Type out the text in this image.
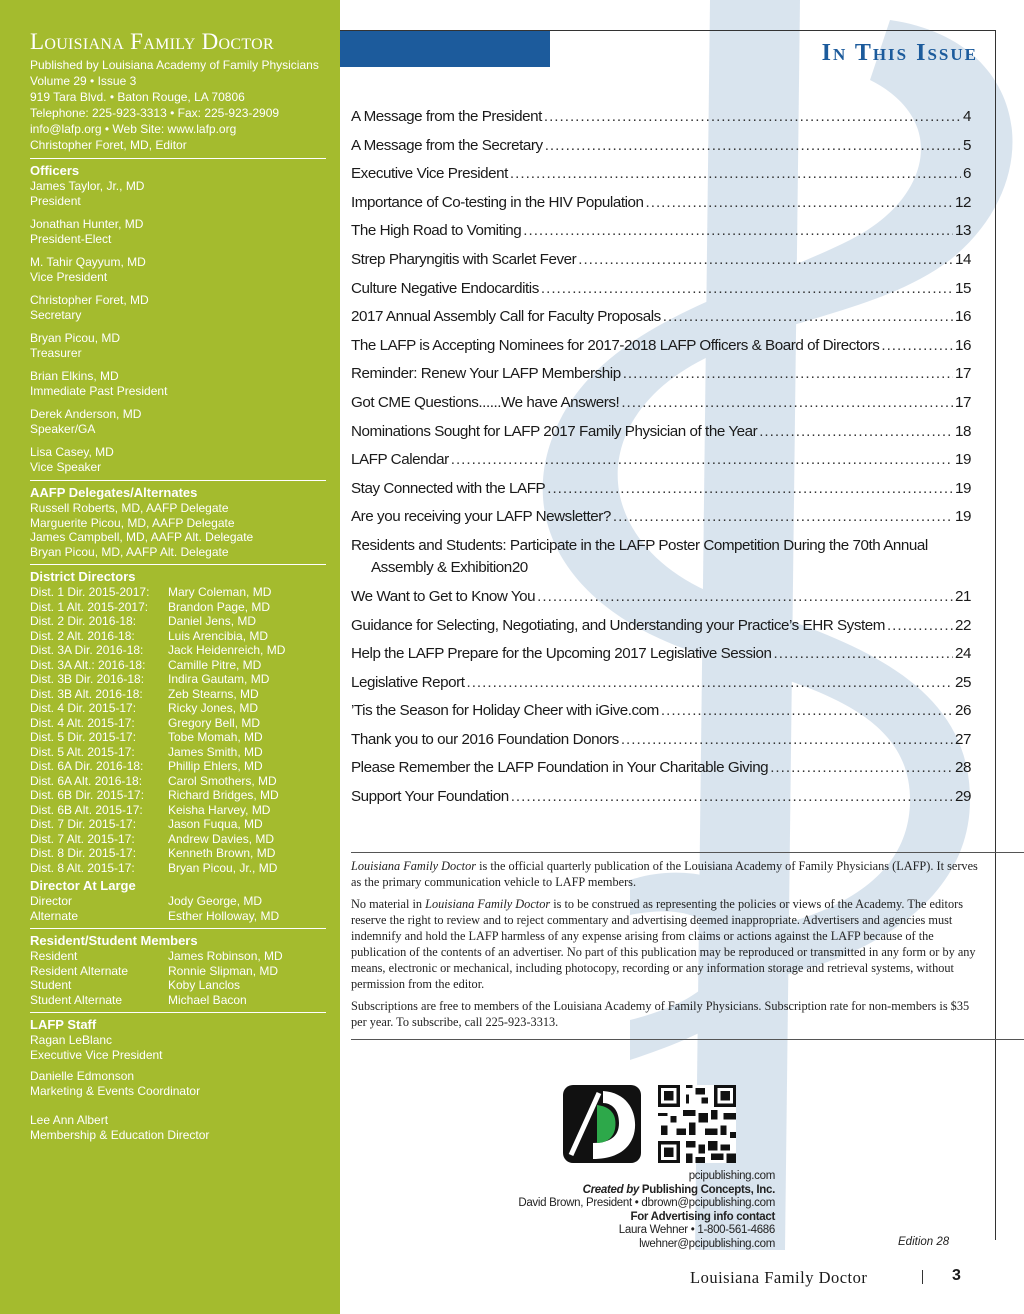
Louisiana Family Doctor
Published by Louisiana Academy of Family Physicians
Volume 29 • Issue 3
919 Tara Blvd. • Baton Rouge, LA 70806
Telephone: 225-923-3313 • Fax: 225-923-2909
info@lafp.org • Web Site: www.lafp.org
Christopher Foret, MD, Editor
Officers
James Taylor, Jr., MD
President
Jonathan Hunter, MD
President-Elect
M. Tahir Qayyum, MD
Vice President
Christopher Foret, MD
Secretary
Bryan Picou, MD
Treasurer
Brian Elkins, MD
Immediate Past President
Derek Anderson, MD
Speaker/GA
Lisa Casey, MD
Vice Speaker
AAFP Delegates/Alternates
Russell Roberts, MD, AAFP Delegate
Marguerite Picou, MD, AAFP Delegate
James Campbell, MD, AAFP Alt. Delegate
Bryan Picou, MD, AAFP Alt. Delegate
District Directors
Dist. 1 Dir. 2015-2017:	Mary Coleman, MD
Dist. 1 Alt. 2015-2017:	Brandon Page, MD
Dist. 2 Dir. 2016-18:	Daniel Jens, MD
Dist. 2 Alt. 2016-18:	Luis Arencibia, MD
Dist. 3A Dir. 2016-18:	Jack Heidenreich, MD
Dist. 3A Alt.: 2016-18:	Camille Pitre, MD
Dist. 3B Dir. 2016-18:	Indira Gautam, MD
Dist. 3B Alt. 2016-18:	Zeb Stearns, MD
Dist. 4 Dir. 2015-17:	Ricky Jones, MD
Dist. 4 Alt. 2015-17:	Gregory Bell, MD
Dist. 5 Dir. 2015-17:	Tobe Momah, MD
Dist. 5 Alt. 2015-17:	James Smith, MD
Dist. 6A Dir. 2016-18:	Phillip Ehlers, MD
Dist. 6A Alt. 2016-18:	Carol Smothers, MD
Dist. 6B Dir. 2015-17:	Richard Bridges, MD
Dist. 6B Alt. 2015-17:	Keisha Harvey, MD
Dist. 7 Dir. 2015-17:	Jason Fuqua, MD
Dist. 7 Alt. 2015-17:	Andrew Davies, MD
Dist. 8 Dir. 2015-17:	Kenneth Brown, MD
Dist. 8 Alt. 2015-17:	Bryan Picou, Jr., MD
Director At Large
Director	Jody George, MD
Alternate	Esther Holloway, MD
Resident/Student Members
Resident	James Robinson, MD
Resident Alternate	Ronnie Slipman, MD
Student	Koby Lanclos
Student Alternate	Michael Bacon
LAFP Staff
Ragan LeBlanc
Executive Vice President
Danielle Edmonson
Marketing & Events Coordinator
Lee Ann Albert
Membership & Education Director
In This Issue
A Message from the President .....	4
A Message from the Secretary .....	5
Executive Vice President .....	6
Importance of Co-testing in the HIV Population .....	12
The High Road to Vomiting .....	13
Strep Pharyngitis with Scarlet Fever .....	14
Culture Negative Endocarditis .....	15
2017 Annual Assembly Call for Faculty Proposals .....	16
The LAFP is Accepting Nominees for 2017-2018 LAFP Officers & Board of Directors .....	16
Reminder: Renew Your LAFP Membership .....	17
Got CME Questions......We have Answers! .....	17
Nominations Sought for LAFP 2017 Family Physician of the Year .....	18
LAFP Calendar .....	19
Stay Connected with the LAFP .....	19
Are you receiving your LAFP Newsletter? .....	19
Residents and Students: Participate in the LAFP Poster Competition During the 70th Annual
Assembly & Exhibition 20
We Want to Get to Know You .....	21
Guidance for Selecting, Negotiating, and Understanding your Practice’s EHR System .....	22
Help the LAFP Prepare for the Upcoming 2017 Legislative Session .....	24
Legislative Report .....	25
’Tis the Season for Holiday Cheer with iGive.com .....	26
Thank you to our 2016 Foundation Donors .....	27
Please Remember the LAFP Foundation in Your Charitable Giving .....	28
Support Your Foundation .....	29

Louisiana Family Doctor is the official quarterly publication of the Louisiana Academy of Family Physicians (LAFP). It serves as the primary communication vehicle to LAFP members.

No material in Louisiana Family Doctor is to be construed as representing the policies or views of the Academy. The editors reserve the right to review and to reject commentary and advertising deemed inappropriate. Advertisers and agencies must indemnify and hold the LAFP harmless of any expense arising from claims or actions against the LAFP because of the publication of the contents of an advertiser. No part of this publication may be reproduced or transmitted in any form or by any means, electronic or mechanical, including photocopy, recording or any information storage and retrieval systems, without permission from the editor.

Subscriptions are free to members of the Louisiana Academy of Family Physicians. Subscription rate for non-members is $35 per year. To subscribe, call 225-923-3313.

pcipublishing.com
Created by Publishing Concepts, Inc.
David Brown, President • dbrown@pcipublishing.com
For Advertising info contact
Laura Wehner • 1-800-561-4686
lwehner@pcipublishing.com	Edition 28
Louisiana Family Doctor	3
